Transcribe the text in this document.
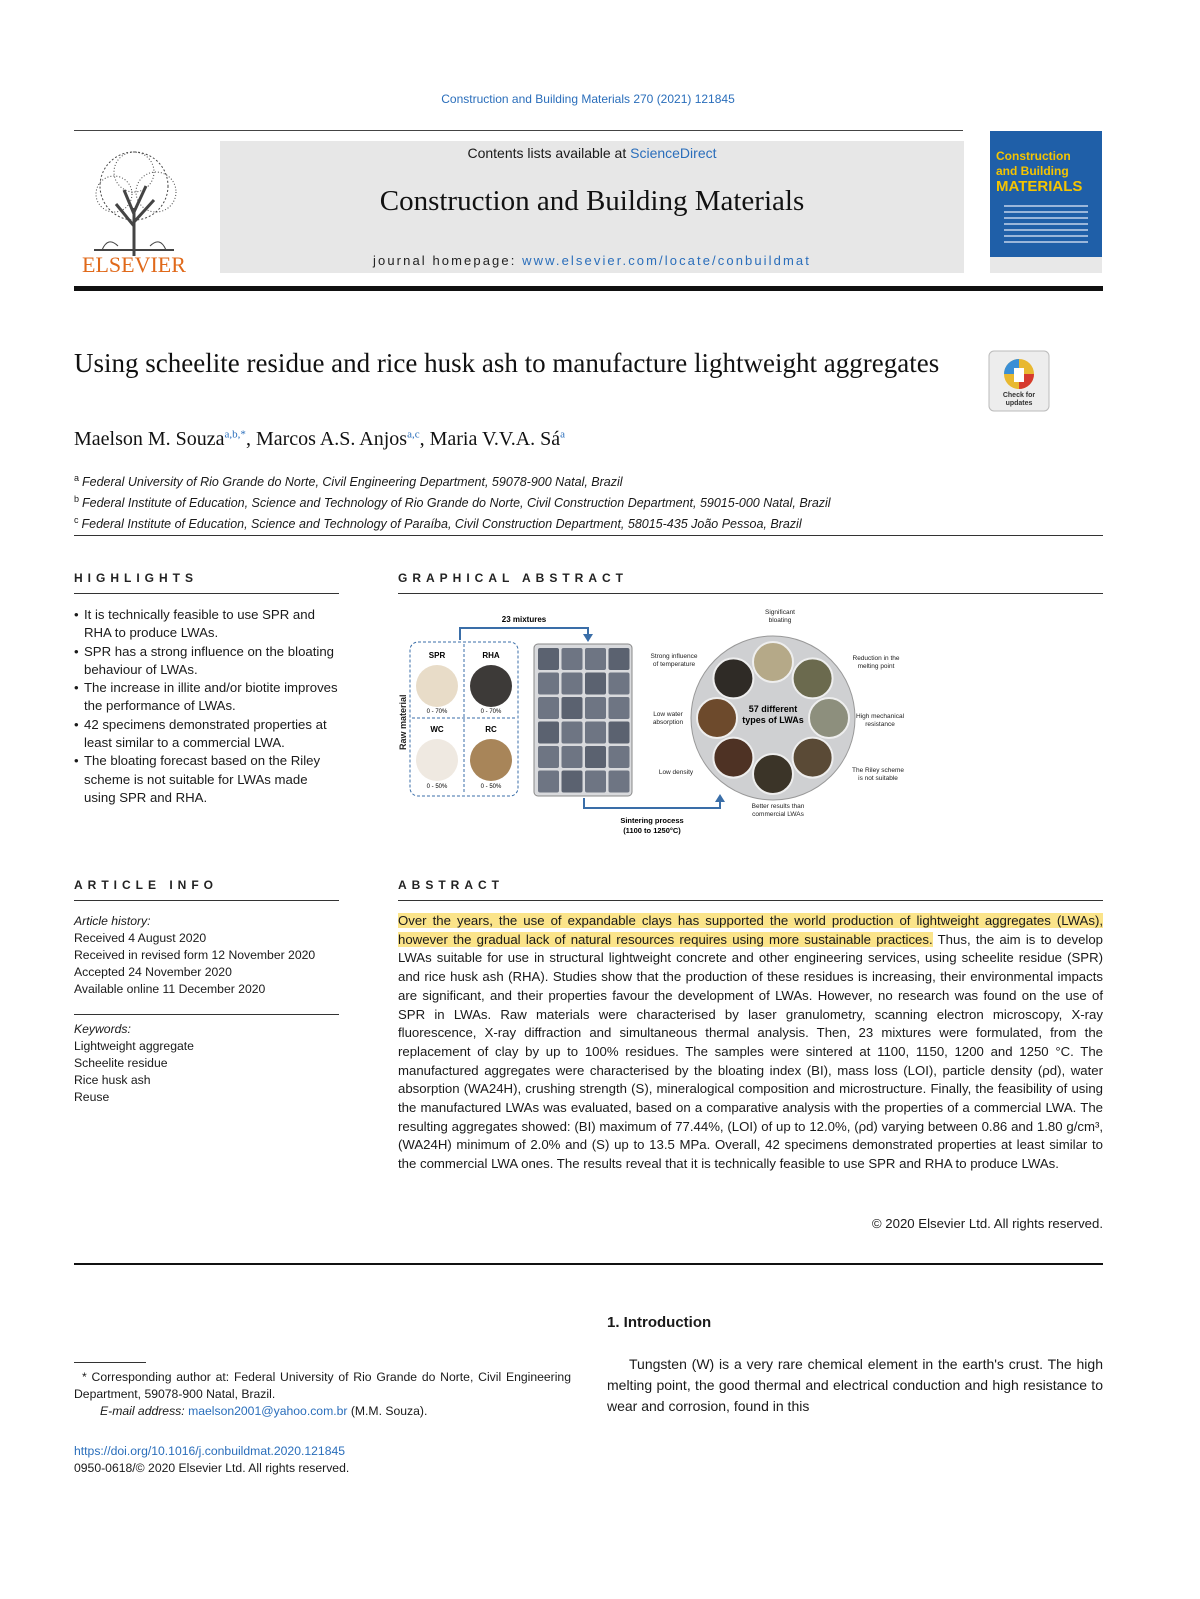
Construction and Building Materials 270 (2021) 121845
ELSEVIER
Contents lists available at ScienceDirect
Construction and Building Materials
journal homepage: www.elsevier.com/locate/conbuildmat
Construction
and Building
MATERIALS
Using scheelite residue and rice husk ash to manufacture lightweight aggregates
Check for updates
Maelson M. Souza$^{a,b,*}$, Marcos A.S. Anjos$^{a,c}$, Maria V.V.A. $Sá^a$
$^a$ Federal University of Rio Grande do Norte, Civil Engineering Department, 59078-900 Natal, Brazil
$^b$ Federal Institute of Education, Science and Technology of Rio Grande do Norte, Civil Construction Department, 59015-000 Natal, Brazil
$^c$ Federal Institute of Education, Science and Technology of Paraíba, Civil Construction Department, 58015-435 João Pessoa, Brazil
HIGHLIGHTS
• It is technically feasible to use SPR and RHA to produce LWAs.
• SPR has a strong influence on the bloating behaviour of LWAs.
• The increase in illite and/or biotite improves the performance of LWAs.
• 42 specimens demonstrated properties at least similar to a commercial LWA.
• The bloating forecast based on the Riley scheme is not suitable for LWAs made using SPR and RHA.
GRAPHICAL ABSTRACT
Raw material
SPR
0 - 70%
RHA
0 - 70%
WC
0 - 50%
RC
0 - 50%
23 mixtures
Sintering process
(1100 to 1250°C)
57 different
types of LWAs
Significant
bloating
Reduction in the
melting point
High mechanical
resistance
The Riley scheme
is not suitable
Better results than
commercial LWAs
Low density
Low water
absorption
Strong influence
of temperature
ARTICLE INFO
Article history:
Received 4 August 2020
Received in revised form 12 November 2020
Accepted 24 November 2020
Available online 11 December 2020
Keywords:
Lightweight aggregate
Scheelite residue
Rice husk ash
Reuse
ABSTRACT
Over the years, the use of expandable clays has supported the world production of lightweight aggregates (LWAs), however the gradual lack of natural resources requires using more sustainable practices. Thus, the aim is to develop LWAs suitable for use in structural lightweight concrete and other engineering services, using scheelite residue (SPR) and rice husk ash (RHA). Studies show that the production of these residues is increasing, their environmental impacts are significant, and their properties favour the development of LWAs. However, no research was found on the use of SPR in LWAs. Raw materials were characterised by laser granulometry, scanning electron microscopy, X-ray fluorescence, X-ray diffraction and simultaneous thermal analysis. Then, 23 mixtures were formulated, from the replacement of clay by up to 100% residues. The samples were sintered at 1100, 1150, 1200 and 1250 °C. The manufactured aggregates were characterised by the bloating index (BI), mass loss (LOI), particle density (ρd), water absorption (WA24H), crushing strength (S), mineralogical composition and microstructure. Finally, the feasibility of using the manufactured LWAs was evaluated, based on a comparative analysis with the properties of a commercial LWA. The resulting aggregates showed: (BI) maximum of 77.44%, (LOI) of up to 12.0%, (ρd) varying between 0.86 and 1.80 g/cm³, (WA24H) minimum of 2.0% and (S) up to 13.5 MPa. Overall, 42 specimens demonstrated properties at least similar to the commercial LWA ones. The results reveal that it is technically feasible to use SPR and RHA to produce LWAs.
© 2020 Elsevier Ltd. All rights reserved.
1. Introduction
Tungsten (W) is a very rare chemical element in the earth's crust. The high melting point, the good thermal and electrical conduction and high resistance to wear and corrosion, found in this
* Corresponding author at: Federal University of Rio Grande do Norte, Civil Engineering Department, 59078-900 Natal, Brazil.
E-mail address: maelson2001@yahoo.com.br (M.M. Souza).
https://doi.org/10.1016/j.conbuildmat.2020.121845
0950-0618/© 2020 Elsevier Ltd. All rights reserved.
